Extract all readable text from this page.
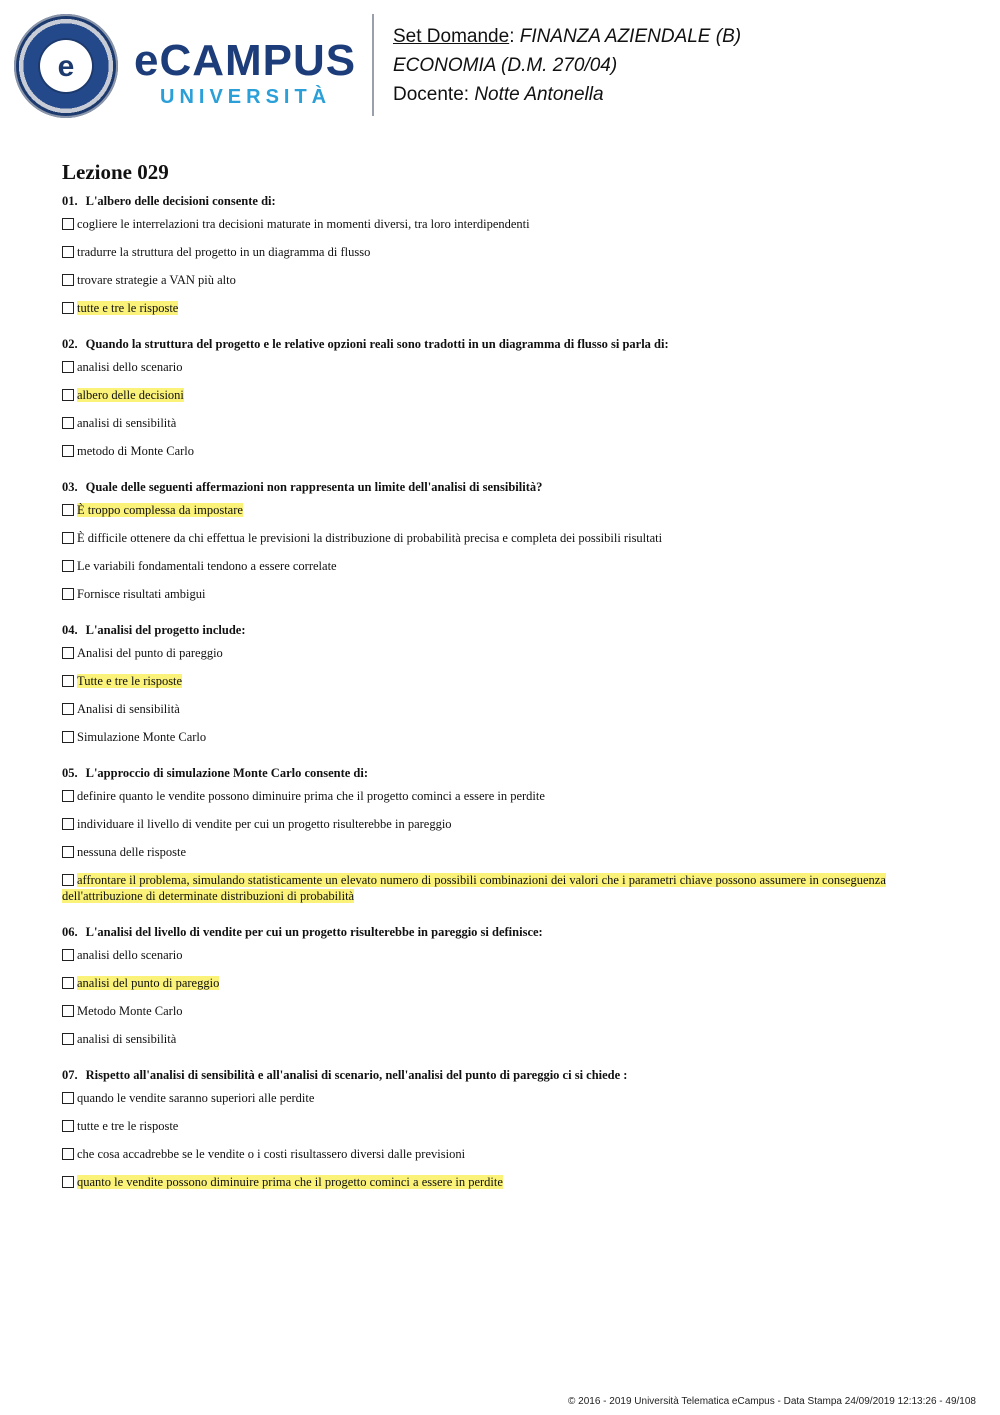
e eCAMPUS
UNIVERSITÀ
Set Domande: FINANZA AZIENDALE (B)
ECONOMIA (D.M. 270/04)
Docente: Notte Antonella
Lezione 029
01. L'albero delle decisioni consente di:
cogliere le interrelazioni tra decisioni maturate in momenti diversi, tra loro interdipendenti
tradurre la struttura del progetto in un diagramma di flusso
trovare strategie a VAN più alto
tutte e tre le risposte
02. Quando la struttura del progetto e le relative opzioni reali sono tradotti in un diagramma di flusso si parla di:
analisi dello scenario
albero delle decisioni
analisi di sensibilità
metodo di Monte Carlo
03. Quale delle seguenti affermazioni non rappresenta un limite dell'analisi di sensibilità?
È troppo complessa da impostare
È difficile ottenere da chi effettua le previsioni la distribuzione di probabilità precisa e completa dei possibili risultati
Le variabili fondamentali tendono a essere correlate
Fornisce risultati ambigui
04. L'analisi del progetto include:
Analisi del punto di pareggio
Tutte e tre le risposte
Analisi di sensibilità
Simulazione Monte Carlo
05. L'approccio di simulazione Monte Carlo consente di:
definire quanto le vendite possono diminuire prima che il progetto cominci a essere in perdite
individuare il livello di vendite per cui un progetto risulterebbe in pareggio
nessuna delle risposte
affrontare il problema, simulando statisticamente un elevato numero di possibili combinazioni dei valori che i parametri chiave possono assumere in conseguenza dell'attribuzione di determinate distribuzioni di probabilità
06. L'analisi del livello di vendite per cui un progetto risulterebbe in pareggio si definisce:
analisi dello scenario
analisi del punto di pareggio
Metodo Monte Carlo
analisi di sensibilità
07. Rispetto all'analisi di sensibilità e all'analisi di scenario, nell'analisi del punto di pareggio ci si chiede :
quando le vendite saranno superiori alle perdite
tutte e tre le risposte
che cosa accadrebbe se le vendite o i costi risultassero diversi dalle previsioni
quanto le vendite possono diminuire prima che il progetto cominci a essere in perdite
© 2016 - 2019 Università Telematica eCampus - Data Stampa 24/09/2019 12:13:26 - 49/108
